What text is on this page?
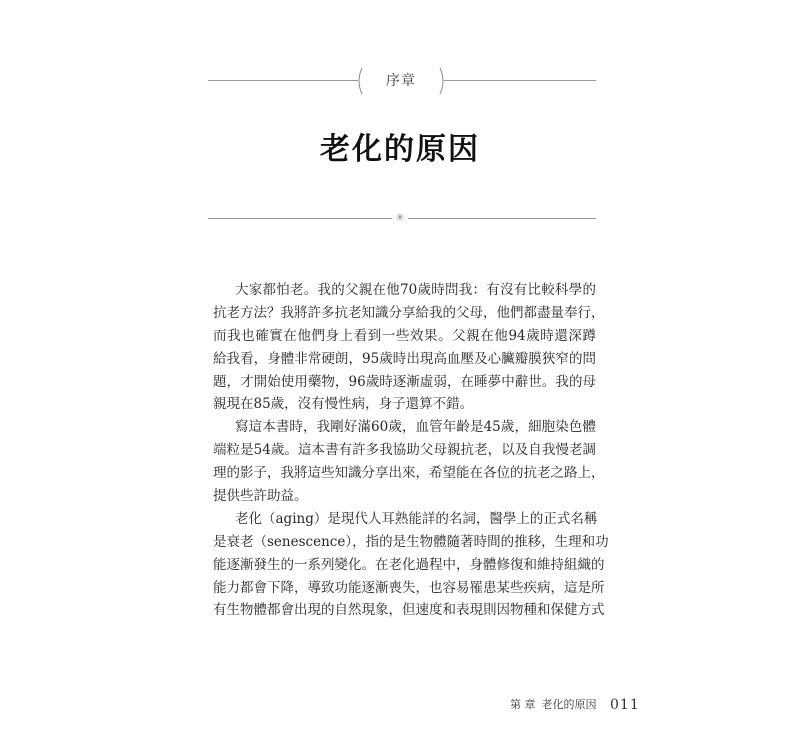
序章
老化的原因
✳
大家都怕老。我的父親在他70歲時問我：有沒有比較科學的
抗老方法？我將許多抗老知識分享給我的父母，他們都盡量奉行，
而我也確實在他們身上看到一些效果。父親在他94歲時還深蹲
給我看，身體非常硬朗，95歲時出現高血壓及心臟瓣膜狹窄的問
題，才開始使用藥物，96歲時逐漸虛弱，在睡夢中辭世。我的母
親現在85歲，沒有慢性病，身子還算不錯。
寫這本書時，我剛好滿60歲，血管年齡是45歲，細胞染色體
端粒是54歲。這本書有許多我協助父母親抗老，以及自我慢老調
理的影子，我將這些知識分享出來，希望能在各位的抗老之路上，
提供些許助益。
老化（aging）是現代人耳熟能詳的名詞，醫學上的正式名稱
是衰老（senescence），指的是生物體隨著時間的推移，生理和功
能逐漸發生的一系列變化。在老化過程中，身體修復和維持組織的
能力都會下降，導致功能逐漸喪失，也容易罹患某些疾病，這是所
有生物體都會出現的自然現象，但速度和表現則因物種和保健方式
第 章 老化的原因 011
